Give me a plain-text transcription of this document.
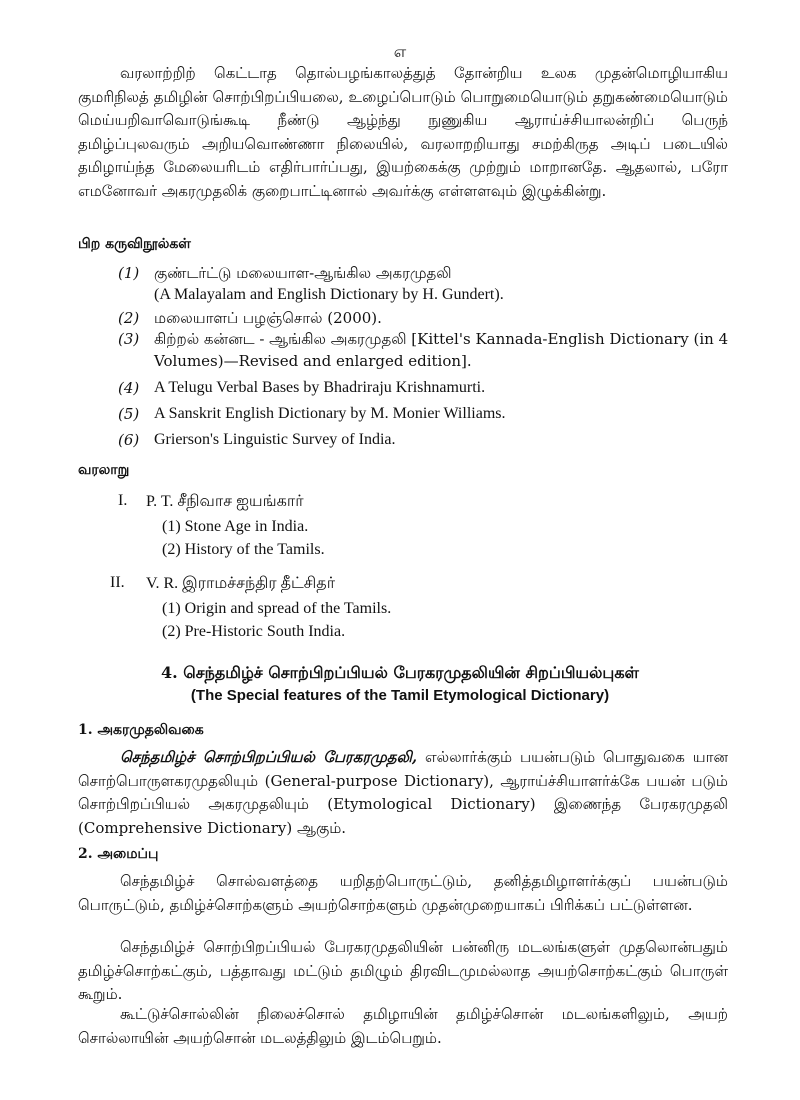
எ

வரலாற்றிற் கெட்டாத தொல்பழங்காலத்துத் தோன்றிய உலக முதன்மொழியாகிய குமரிநிலத் தமிழின் சொற்பிறப்பியலை, உழைப்பொடும் பொறுமையொடும் தறுகண்மையொடும் மெய்யறிவாவொடுங்கூடி நீண்டு ஆழ்ந்து நுணுகிய ஆராய்ச்சியாலன்றிப் பெருந் தமிழ்ப்புலவரும் அறியவொண்ணா நிலையில், வரலாறறியாது சமற்கிருத அடிப் படையில் தமிழாய்ந்த மேலையரிடம் எதிர்பார்ப்பது, இயற்கைக்கு முற்றும் மாறானதே. ஆதலால், பரோ எமனோவர் அகரமுதலிக் குறைபாட்டினால் அவர்க்கு எள்ளளவும் இழுக்கின்று.

பிற கருவிநூல்கள்
(1) குண்டர்ட்டு மலையாள-ஆங்கில அகரமுதலி
(A Malayalam and English Dictionary by H. Gundert).
(2) மலையாளப் பழஞ்சொல் (2000).
(3) கிற்றல் கன்னட - ஆங்கில அகரமுதலி [Kittel's Kannada-English Dictionary (in 4 Volumes)—Revised and enlarged edition].
(4) A Telugu Verbal Bases by Bhadriraju Krishnamurti.
(5) A Sanskrit English Dictionary by M. Monier Williams.
(6) Grierson's Linguistic Survey of India.
வரலாறு
I. P. T. சீநிவாச ஐயங்கார்
(1) Stone Age in India.
(2) History of the Tamils.
II. V. R. இராமச்சந்திர தீட்சிதர்
(1) Origin and spread of the Tamils.
(2) Pre-Historic South India.
4. செந்தமிழ்ச் சொற்பிறப்பியல் பேரகரமுதலியின் சிறப்பியல்புகள்
(The Special features of the Tamil Etymological Dictionary)
1. அகரமுதலிவகை

செந்தமிழ்ச் சொற்பிறப்பியல் பேரகரமுதலி, எல்லார்க்கும் பயன்படும் பொதுவகை யான சொற்பொருளகரமுதலியும் (General-purpose Dictionary), ஆராய்ச்சியாளர்க்கே பயன் படும் சொற்பிறப்பியல் அகரமுதலியும் (Etymological Dictionary) இணைந்த பேரகரமுதலி (Comprehensive Dictionary) ஆகும்.

2. அமைப்பு

செந்தமிழ்ச் சொல்வளத்தை யறிதற்பொருட்டும், தனித்தமிழாளர்க்குப் பயன்படும் பொருட்டும், தமிழ்ச்சொற்களும் அயற்சொற்களும் முதன்முறையாகப் பிரிக்கப் பட்டுள்ளன.

செந்தமிழ்ச் சொற்பிறப்பியல் பேரகரமுதலியின் பன்னிரு மடலங்களுள் முதலொன்பதும் தமிழ்ச்சொற்கட்கும், பத்தாவது மட்டும் தமிழும் திரவிடமுமல்லாத அயற்சொற்கட்கும் பொருள் கூறும்.

கூட்டுச்சொல்லின் நிலைச்சொல் தமிழாயின் தமிழ்ச்சொன் மடலங்களிலும், அயற் சொல்லாயின் அயற்சொன் மடலத்திலும் இடம்பெறும்.
